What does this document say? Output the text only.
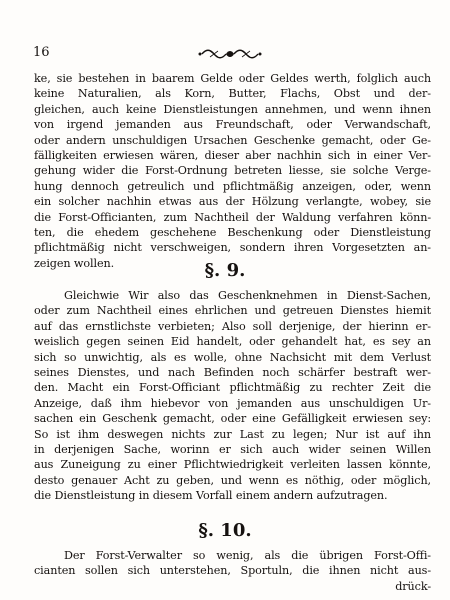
16
ke, sie bestehen in baarem Gelde oder Geldes werth, folglich auch
keine Naturalien, als Korn, Butter, Flachs, Obst und der-
gleichen, auch keine Dienstleistungen annehmen, und wenn ihnen
von irgend jemanden aus Freundschaft, oder Verwandschaft,
oder andern unschuldigen Ursachen Geschenke gemacht, oder Ge-
fälligkeiten erwiesen wären, dieser aber nachhin sich in einer Ver-
gehung wider die Forst-Ordnung betreten liesse, sie solche Verge-
hung dennoch getreulich und pflichtmäßig anzeigen, oder, wenn
ein solcher nachhin etwas aus der Hölzung verlangte, wobey, sie
die Forst-Officianten, zum Nachtheil der Waldung verfahren könn-
ten, die ehedem geschehene Beschenkung oder Dienstleistung
pflichtmäßig nicht verschweigen, sondern ihren Vorgesetzten an-
zeigen wollen.	§. 9.
Gleichwie Wir also das Geschenknehmen in Dienst-Sachen,
oder zum Nachtheil eines ehrlichen und getreuen Dienstes hiemit
auf das ernstlichste verbieten; Also soll derjenige, der hierinn er-
weislich gegen seinen Eid handelt, oder gehandelt hat, es sey an
sich so unwichtig, als es wolle, ohne Nachsicht mit dem Verlust
seines Dienstes, und nach Befinden noch schärfer bestraft wer-
den. Macht ein Forst-Officiant pflichtmäßig zu rechter Zeit die
Anzeige, daß ihm hiebevor von jemanden aus unschuldigen Ur-
sachen ein Geschenk gemacht, oder eine Gefälligkeit erwiesen sey:
So ist ihm deswegen nichts zur Last zu legen; Nur ist auf ihn
in derjenigen Sache, worinn er sich auch wider seinen Willen
aus Zuneigung zu einer Pflichtwiedrigkeit verleiten lassen könnte,
desto genauer Acht zu geben, und wenn es nöthig, oder möglich,
die Dienstleistung in diesem Vorfall einem andern aufzutragen.
§. 10.
Der Forst-Verwalter so wenig, als die übrigen Forst-Offi-
cianten sollen sich unterstehen, Sportuln, die ihnen nicht aus-
drück-
